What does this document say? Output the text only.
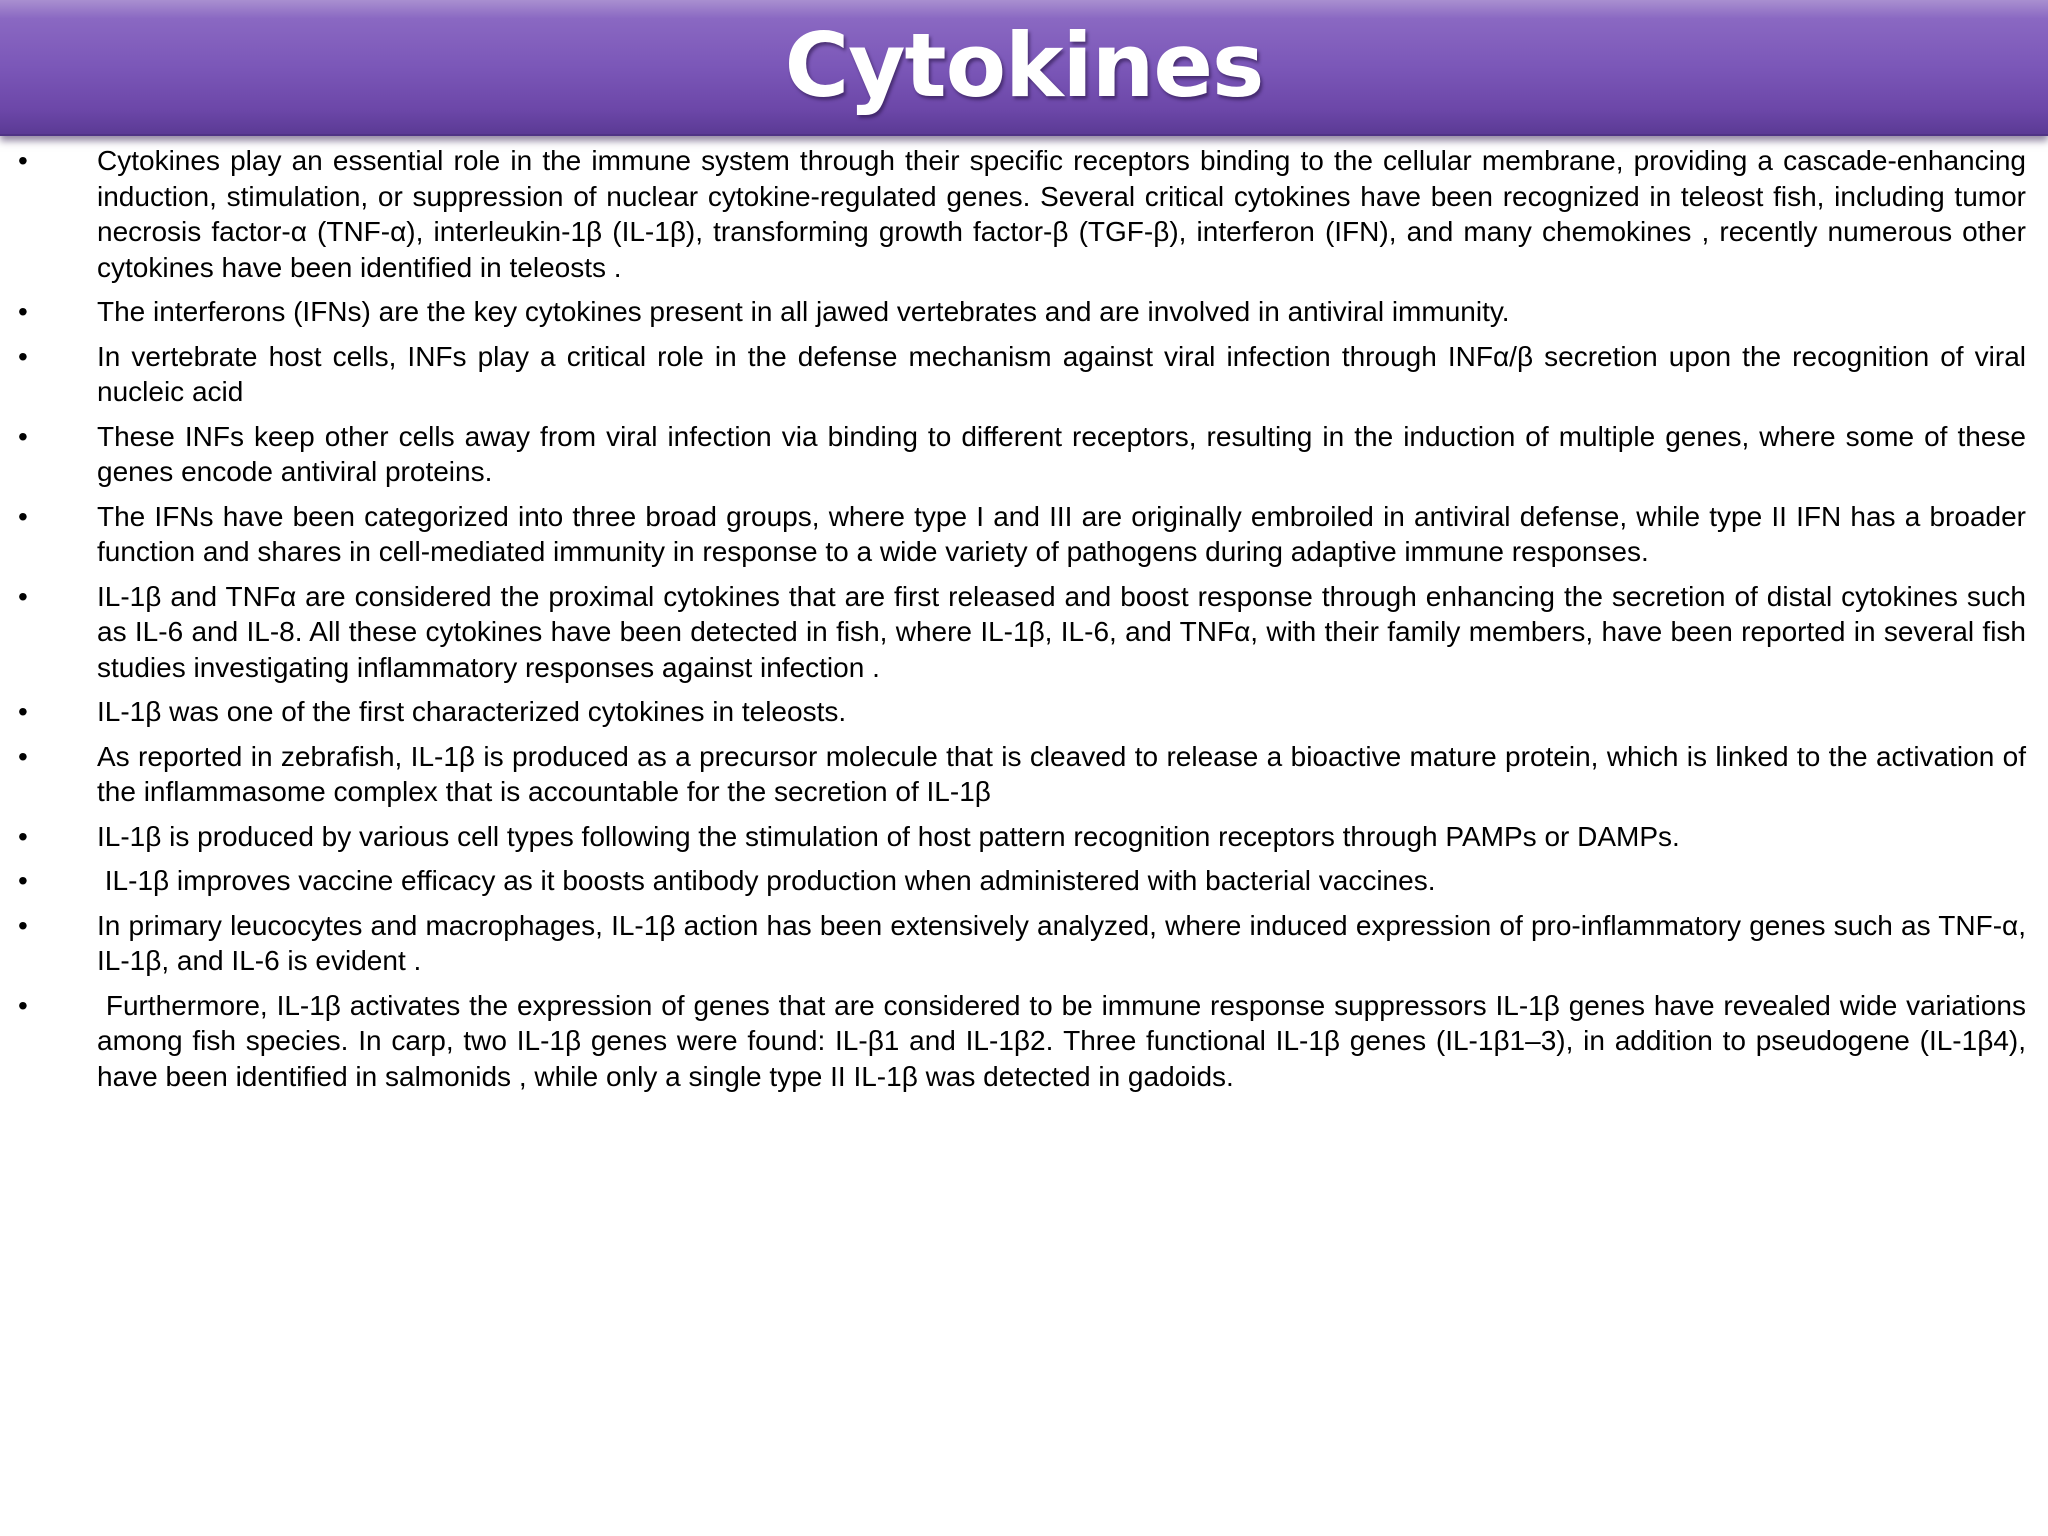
Cytokines
• Cytokines play an essential role in the immune system through their specific receptors binding to the cellular membrane, providing a cascade-enhancing induction, stimulation, or suppression of nuclear cytokine-regulated genes. Several critical cytokines have been recognized in teleost fish, including tumor necrosis factor-α (TNF-α), interleukin-1β (IL-1β), transforming growth factor-β (TGF-β), interferon (IFN), and many chemokines , recently numerous other cytokines have been identified in teleosts .
• The interferons (IFNs) are the key cytokines present in all jawed vertebrates and are involved in antiviral immunity.
• In vertebrate host cells, INFs play a critical role in the defense mechanism against viral infection through INFα/β secretion upon the recognition of viral nucleic acid
• These INFs keep other cells away from viral infection via binding to different receptors, resulting in the induction of multiple genes, where some of these genes encode antiviral proteins.
• The IFNs have been categorized into three broad groups, where type I and III are originally embroiled in antiviral defense, while type II IFN has a broader function and shares in cell-mediated immunity in response to a wide variety of pathogens during adaptive immune responses.
• IL-1β and TNFα are considered the proximal cytokines that are first released and boost response through enhancing the secretion of distal cytokines such as IL-6 and IL-8. All these cytokines have been detected in fish, where IL-1β, IL-6, and TNFα, with their family members, have been reported in several fish studies investigating inflammatory responses against infection .
• IL-1β was one of the first characterized cytokines in teleosts.
• As reported in zebrafish, IL-1β is produced as a precursor molecule that is cleaved to release a bioactive mature protein, which is linked to the activation of the inflammasome complex that is accountable for the secretion of IL-1β
• IL-1β is produced by various cell types following the stimulation of host pattern recognition receptors through PAMPs or DAMPs.
• IL-1β improves vaccine efficacy as it boosts antibody production when administered with bacterial vaccines.
• In primary leucocytes and macrophages, IL-1β action has been extensively analyzed, where induced expression of pro-inflammatory genes such as TNF-α, IL-1β, and IL-6 is evident .
• Furthermore, IL-1β activates the expression of genes that are considered to be immune response suppressors IL-1β genes have revealed wide variations among fish species. In carp, two IL-1β genes were found: IL-β1 and IL-1β2. Three functional IL-1β genes (IL-1β1–3), in addition to pseudogene (IL-1β4), have been identified in salmonids , while only a single type II IL-1β was detected in gadoids.
